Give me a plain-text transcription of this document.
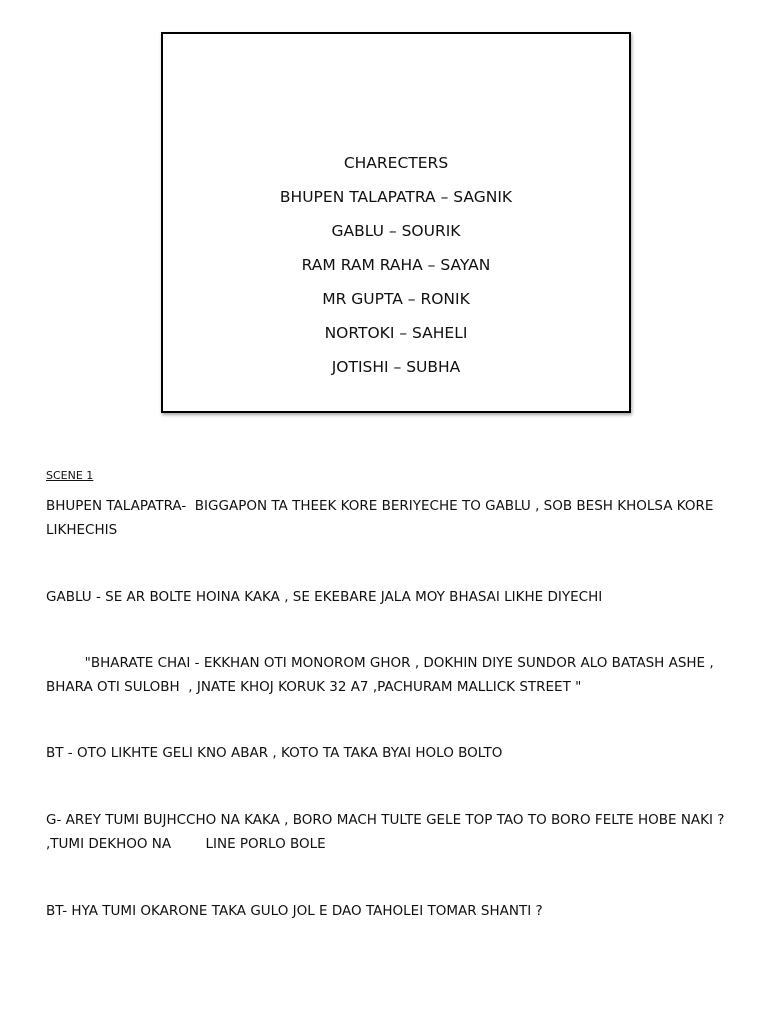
CHARECTERS
BHUPEN TALAPATRA – SAGNIK
GABLU – SOURIK
RAM RAM RAHA – SAYAN
MR GUPTA – RONIK
NORTOKI – SAHELI
JOTISHI – SUBHA

SCENE 1

BHUPEN TALAPATRA-  BIGGAPON TA THEEK KORE BERIYECHE TO GABLU , SOB BESH KHOLSA KORE LIKHECHIS

GABLU - SE AR BOLTE HOINA KAKA , SE EKEBARE JALA MOY BHASAI LIKHE DIYECHI

"BHARATE CHAI - EKKHAN OTI MONOROM GHOR , DOKHIN DIYE SUNDOR ALO BATASH ASHE , BHARA OTI SULOBH  , JNATE KHOJ KORUK 32 A7 ,PACHURAM MALLICK STREET "

BT - OTO LIKHTE GELI KNO ABAR , KOTO TA TAKA BYAI HOLO BOLTO

G- AREY TUMI BUJHCCHO NA KAKA , BORO MACH TULTE GELE TOP TAO TO BORO FELTE HOBE NAKI ? ,TUMI DEKHOO NA        LINE PORLO BOLE

BT- HYA TUMI OKARONE TAKA GULO JOL E DAO TAHOLEI TOMAR SHANTI ?
